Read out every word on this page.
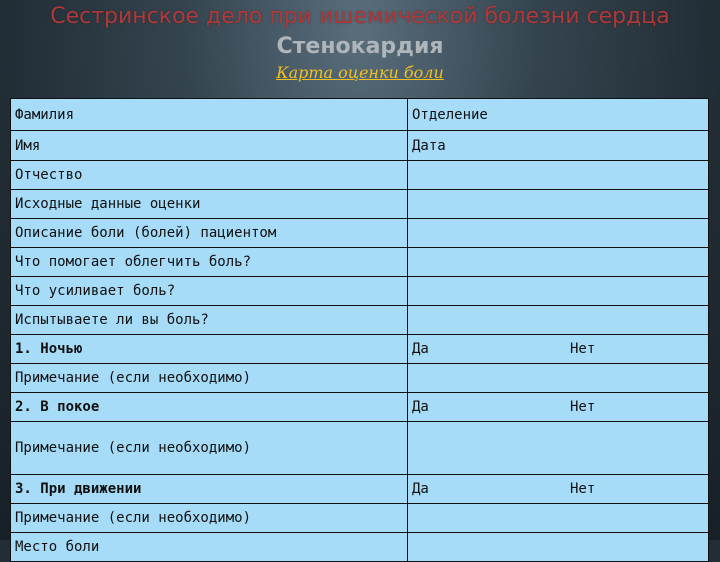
Сестринское дело при ишемической болезни сердца
Стенокардия
Карта оценки боли
Фамилия	Отделение
Имя	Дата
Отчество	
Исходные данные оценки	
Описание боли (болей) пациентом	
Что помогает облегчить боль?	
Что усиливает боль?	
Испытываете ли вы боль?	
1. Ночью	Да Нет
Примечание (если необходимо)	
2. В покое	Да Нет
Примечание (если необходимо)	
3. При движении	Да Нет
Примечание (если необходимо)	
Место боли	
